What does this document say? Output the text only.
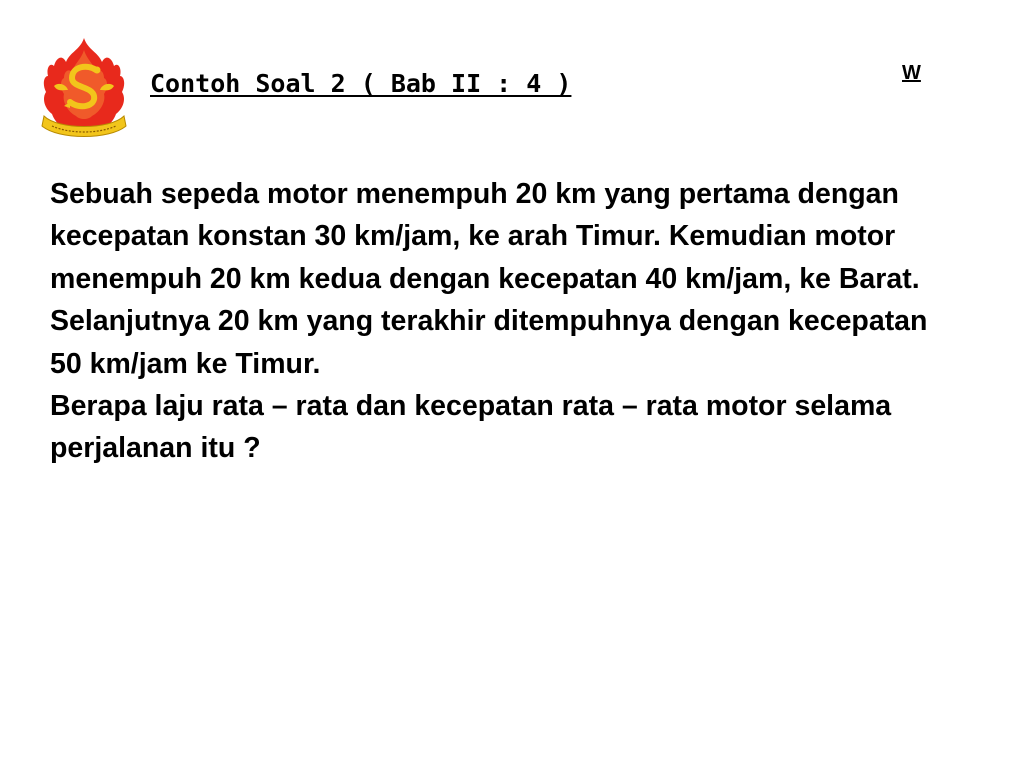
Contoh Soal 2 ( Bab II : 4 )	W

Sebuah sepeda motor menempuh 20 km yang pertama dengan kecepatan konstan 30 km/jam, ke arah Timur. Kemudian motor menempuh 20 km kedua dengan kecepatan 40 km/jam, ke Barat. Selanjutnya 20 km yang terakhir ditempuhnya dengan kecepatan 50 km/jam ke Timur.

Berapa laju rata – rata dan kecepatan rata – rata motor selama perjalanan itu ?
